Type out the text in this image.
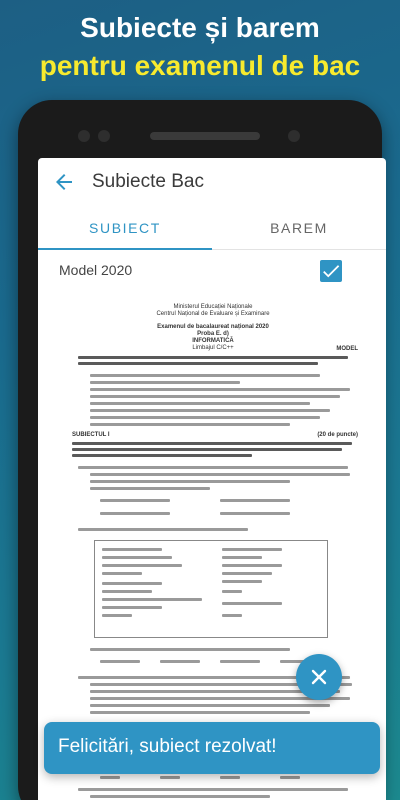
Subiecte și barem
pentru examenul de bac
Subiecte Bac
SUBIECT	BAREM
Model 2020
Ministerul Educației Naționale
Centrul Național de Evaluare și Examinare
Examenul de bacalaureat național 2020
Proba E. d)
INFORMATICĂ
Limbajul C/C++	MODEL
SUBIECTUL I	(20 de puncte)
Felicitări, subiect rezolvat!
